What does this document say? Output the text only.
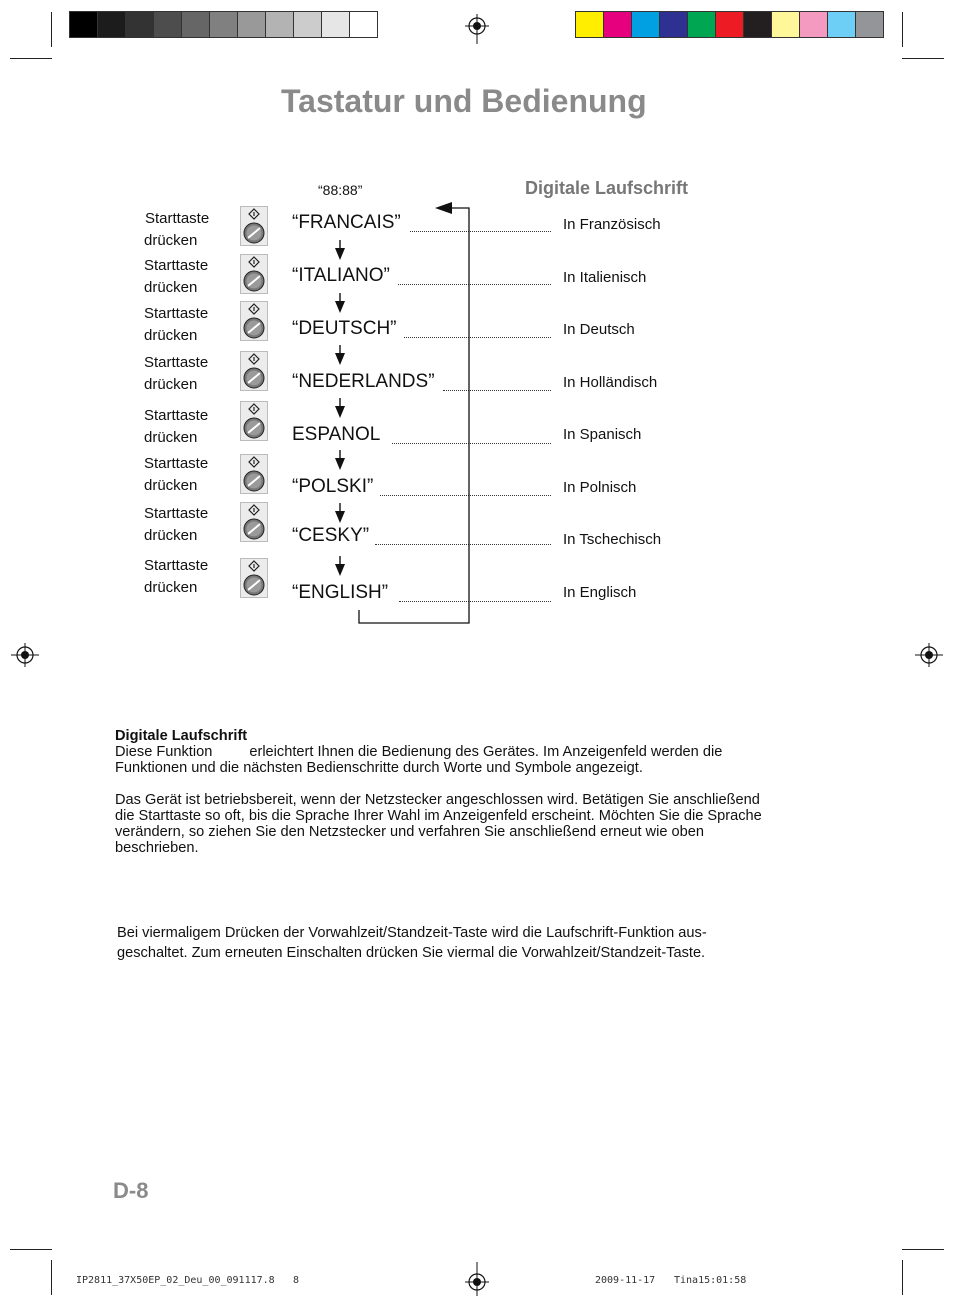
Tastatur und Bedienung
Digitale Laufschrift
“88:88”
Starttaste
drücken
“FRANCAIS”	In Französisch
Starttaste
drücken
“ITALIANO”	In Italienisch
Starttaste
drücken	“DEUTSCH”	In Deutsch
Starttaste
drücken	“NEDERLANDS”	In Holländisch
Starttaste
drücken	ESPANOL	In Spanisch
Starttaste
drücken	“POLSKI”	In Polnisch
Starttaste
drücken	“CESKY”	In Tschechisch
Starttaste
drücken	“ENGLISH”	In Englisch
Digitale Laufschrift
Diese Funktion	erleichtert Ihnen die Bedienung des Gerätes. Im Anzeigenfeld werden die
Funktionen und die nächsten Bedienschritte durch Worte und Symbole angezeigt.
Das Gerät ist betriebsbereit, wenn der Netzstecker angeschlossen wird. Betätigen Sie anschließend
die Starttaste so oft, bis die Sprache Ihrer Wahl im Anzeigenfeld erscheint. Möchten Sie die Sprache
verändern, so ziehen Sie den Netzstecker und verfahren Sie anschließend erneut wie oben
beschrieben.
Bei viermaligem Drücken der Vorwahlzeit/Standzeit-Taste wird die Laufschrift-Funktion aus-
geschaltet. Zum erneuten Einschalten drücken Sie viermal die Vorwahlzeit/Standzeit-Taste.
D-8
IP2811_37X50EP_02_Deu_00_091117.8 8	2009-11-17 Tina15:01:58
